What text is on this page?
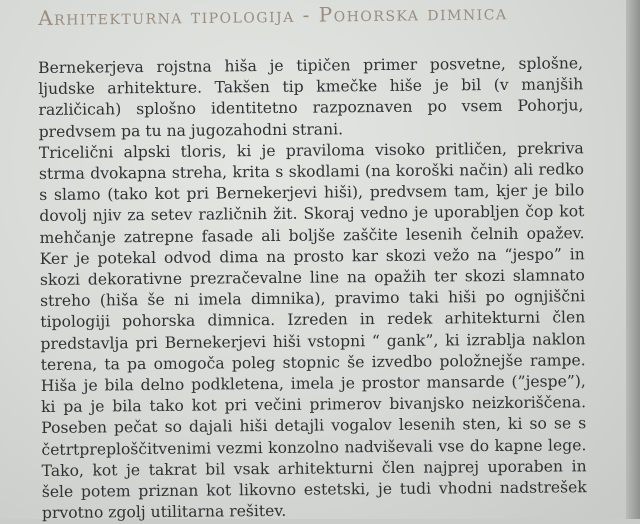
Arhitekturna tipologija - Pohorska dimnica

Bernekerjeva rojstna hiša je tipičen primer posvetne, splošne, ljudske arhitekture. Takšen tip kmečke hiše je bil (v manjših različicah) splošno identitetno razpoznaven po vsem Pohorju, predvsem pa tu na jugozahodni strani.

Tricelični alpski tloris, ki je praviloma visoko pritličen, prekriva strma dvokapna streha, krita s skodlami (na koroški način) ali redko s slamo (tako kot pri Bernekerjevi hiši), predvsem tam, kjer je bilo dovolj njiv za setev različnih žit. Skoraj vedno je uporabljen čop kot mehčanje zatrepne fasade ali boljše zaščite lesenih čelnih opažev. Ker je potekal odvod dima na prosto kar skozi vežo na “jespo” in skozi dekorativne prezračevalne line na opažih ter skozi slamnato streho (hiša še ni imela dimnika), pravimo taki hiši po ognjiščni tipologiji pohorska dimnica. Izreden in redek arhitekturni člen predstavlja pri Bernekerjevi hiši vstopni “ gank”, ki izrablja naklon terena, ta pa omogoča poleg stopnic še izvedbo položnejše rampe. Hiša je bila delno podkletena, imela je prostor mansarde (”jespe”), ki pa je bila tako kot pri večini primerov bivanjsko neizkoriščena. Poseben pečat so dajali hiši detajli vogalov lesenih sten, ki so se s četrtpreploščitvenimi vezmi konzolno nadviševali vse do kapne lege. Tako, kot je takrat bil vsak arhitekturni člen najprej uporaben in šele potem priznan kot likovno estetski, je tudi vhodni nadstrešek prvotno zgolj utilitarna rešitev.
